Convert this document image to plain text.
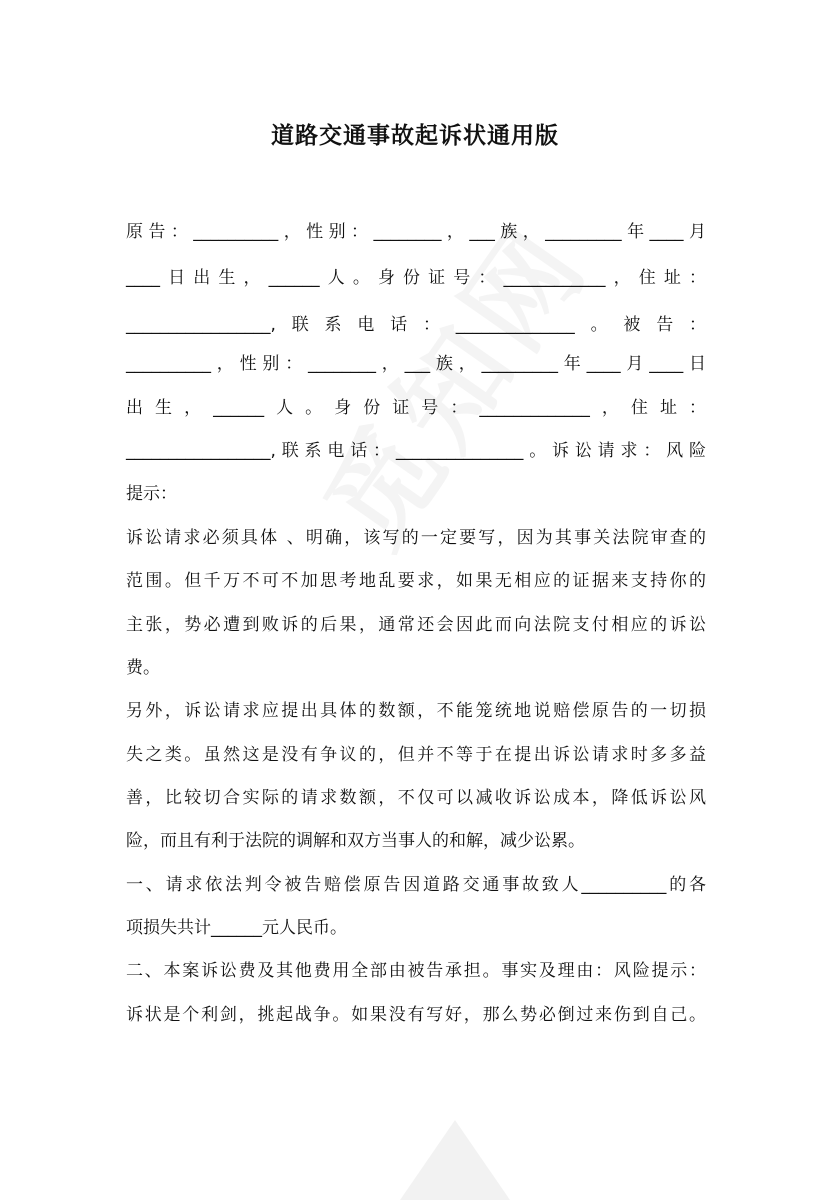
道路交通事故起诉状通用版
原告：__________，性别：________，___族，_________年____月
____日出生，______人。身份证号：____________，住址：
_________________,联系电话：______________。被告：
__________，性别：________，___族，_________年____月____日
出生，______人。身份证号：_____________，住址：
_________________,联系电话：_______________。诉讼请求：风险
提示：
诉讼请求必须具体 、明确，该写的一定要写，因为其事关法院审查的
范围。但千万不可不加思考地乱要求，如果无相应的证据来支持你的
主张，势必遭到败诉的后果，通常还会因此而向法院支付相应的诉讼
费。
另外，诉讼请求应提出具体的数额，不能笼统地说赔偿原告的一切损
失之类。虽然这是没有争议的，但并不等于在提出诉讼请求时多多益
善，比较切合实际的请求数额，不仅可以减收诉讼成本，降低诉讼风
险，而且有利于法院的调解和双方当事人的和解，减少讼累。
一、请求依法判令被告赔偿原告因道路交通事故致人__________的各
项损失共计______元人民币。
二、本案诉讼费及其他费用全部由被告承担。事实及理由：风险提示：
诉状是个利剑，挑起战争。如果没有写好，那么势必倒过来伤到自己。
